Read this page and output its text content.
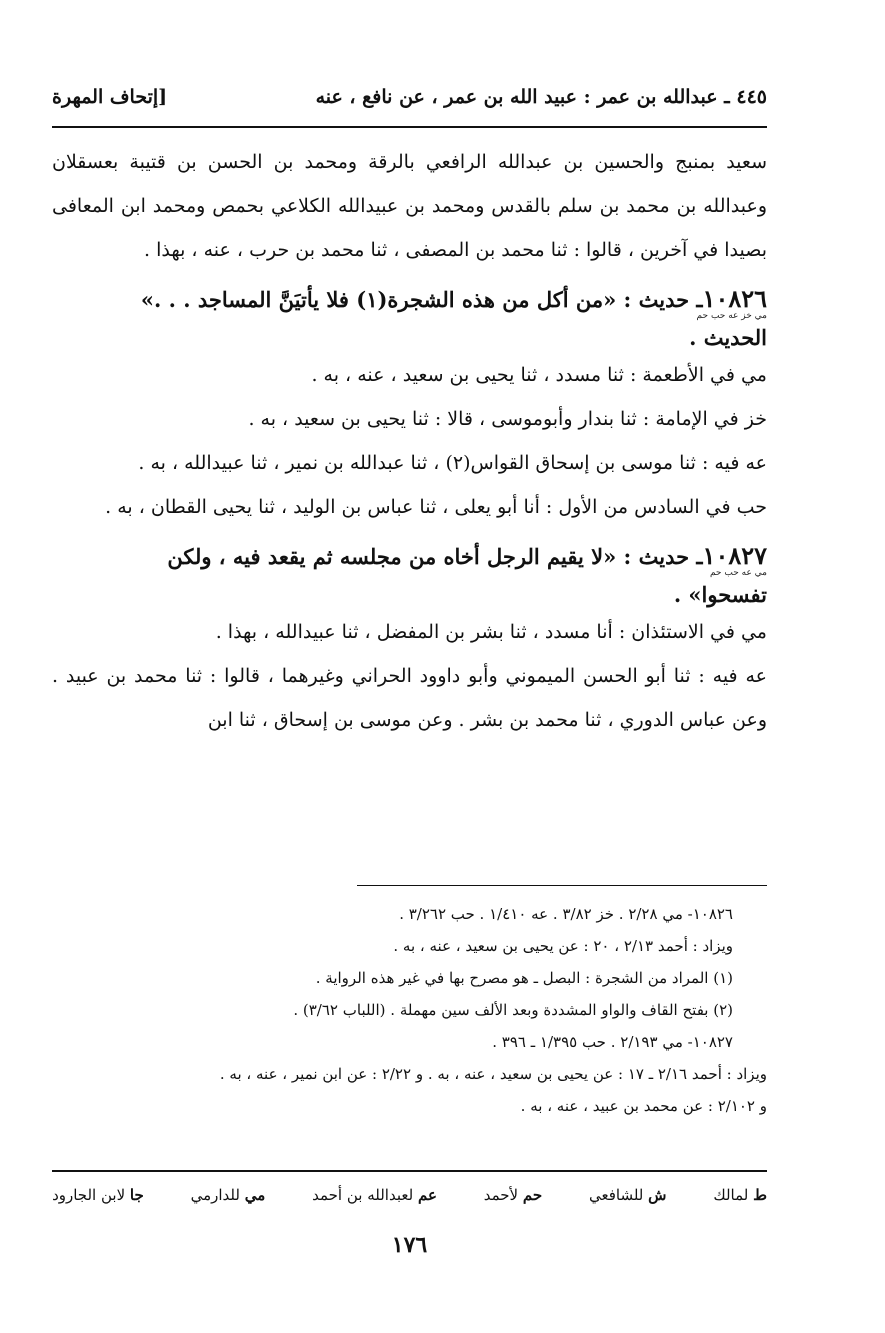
٤٤٥ ـ عبدالله بن عمر : عبيد الله بن عمر ، عن نافع ، عنه
[إتحاف المهرة

سعيد بمنبج والحسين بن عبدالله الرافعي بالرقة ومحمد بن الحسن بن قتيبة بعسقلان وعبدالله بن محمد بن سلم بالقدس ومحمد بن عبيدالله الكلاعي بحمص ومحمد ابن المعافى بصيدا في آخرين ، قالوا : ثنا محمد بن المصفى ، ثنا محمد بن حرب ، عنه ، بهذا .

١٠٨٢٦ـ حديث : «من أكل من هذه الشجرة(١) فلا يأتيَنَّ المساجد . . .»
مي خز عه حب حم
الحديث .

مي في الأطعمة : ثنا مسدد ، ثنا يحيى بن سعيد ، عنه ، به .

خز في الإمامة : ثنا بندار وأبوموسى ، قالا : ثنا يحيى بن سعيد ، به .

عه فيه : ثنا موسى بن إسحاق القواس(٢) ، ثنا عبدالله بن نمير ، ثنا عبيدالله ، به .

حب في السادس من الأول : أنا أبو يعلى ، ثنا عباس بن الوليد ، ثنا يحيى القطان ، به .

١٠٨٢٧ـ حديث : «لا يقيم الرجل أخاه من مجلسه ثم يقعد فيه ، ولكن
مي عه حب حم
تفسحوا» .

مي في الاستئذان : أنا مسدد ، ثنا بشر بن المفضل ، ثنا عبيدالله ، بهذا .

عه فيه : ثنا أبو الحسن الميموني وأبو داوود الحراني وغيرهما ، قالوا : ثنا محمد بن عبيد . وعن عباس الدوري ، ثنا محمد بن بشر . وعن موسى بن إسحاق ، ثنا ابن

١٠٨٢٦- مي ٢/٢٨ . خز ٣/٨٢ . عه ١/٤١٠ . حب ٣/٢٦٢ .

ويزاد : أحمد ٢/١٣ ، ٢٠ : عن يحيى بن سعيد ، عنه ، به .

(١) المراد من الشجرة : البصل ـ هو مصرح بها في غير هذه الرواية .

(٢) بفتح القاف والواو المشددة وبعد الألف سين مهملة . (اللباب ٣/٦٢) .

١٠٨٢٧- مي ٢/١٩٣ . حب ١/٣٩٥ ـ ٣٩٦ .

ويزاد : أحمد ٢/١٦ ـ ١٧ : عن يحيى بن سعيد ، عنه ، به . و ٢/٢٢ : عن ابن نمير ، عنه ، به .

و ٢/١٠٢ : عن محمد بن عبيد ، عنه ، به .

ط لمالك
ش للشافعي
حم لأحمد
عم لعبدالله بن أحمد
مي للدارمي
جا لابن الجارود
١٧٦
